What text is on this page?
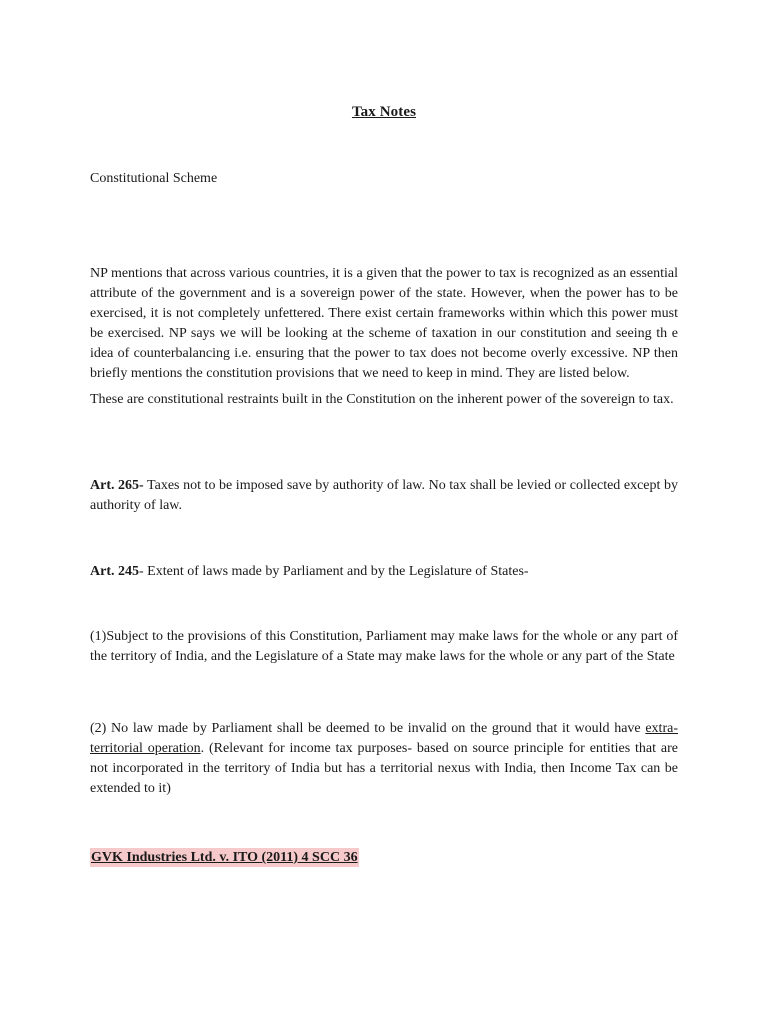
Tax Notes
Constitutional Scheme

NP mentions that across various countries, it is a given that the power to tax is recognized as an essential attribute of the government and is a sovereign power of the state. However, when the power has to be exercised, it is not completely unfettered. There exist certain frameworks within which this power must be exercised. NP says we will be looking at the scheme of taxation in our constitution and seeing th e idea of counterbalancing i.e. ensuring that the power to tax does not become overly excessive. NP then briefly mentions the constitution provisions that we need to keep in mind. They are listed below.

These are constitutional restraints built in the Constitution on the inherent power of the sovereign to tax.

Art. 265- Taxes not to be imposed save by authority of law. No tax shall be levied or collected except by authority of law.

Art. 245- Extent of laws made by Parliament and by the Legislature of States-

(1)Subject to the provisions of this Constitution, Parliament may make laws for the whole or any part of the territory of India, and the Legislature of a State may make laws for the whole or any part of the State

(2) No law made by Parliament shall be deemed to be invalid on the ground that it would have extra-territorial operation. (Relevant for income tax purposes- based on source principle for entities that are not incorporated in the territory of India but has a territorial nexus with India, then Income Tax can be extended to it)

GVK Industries Ltd. v. ITO (2011) 4 SCC 36
